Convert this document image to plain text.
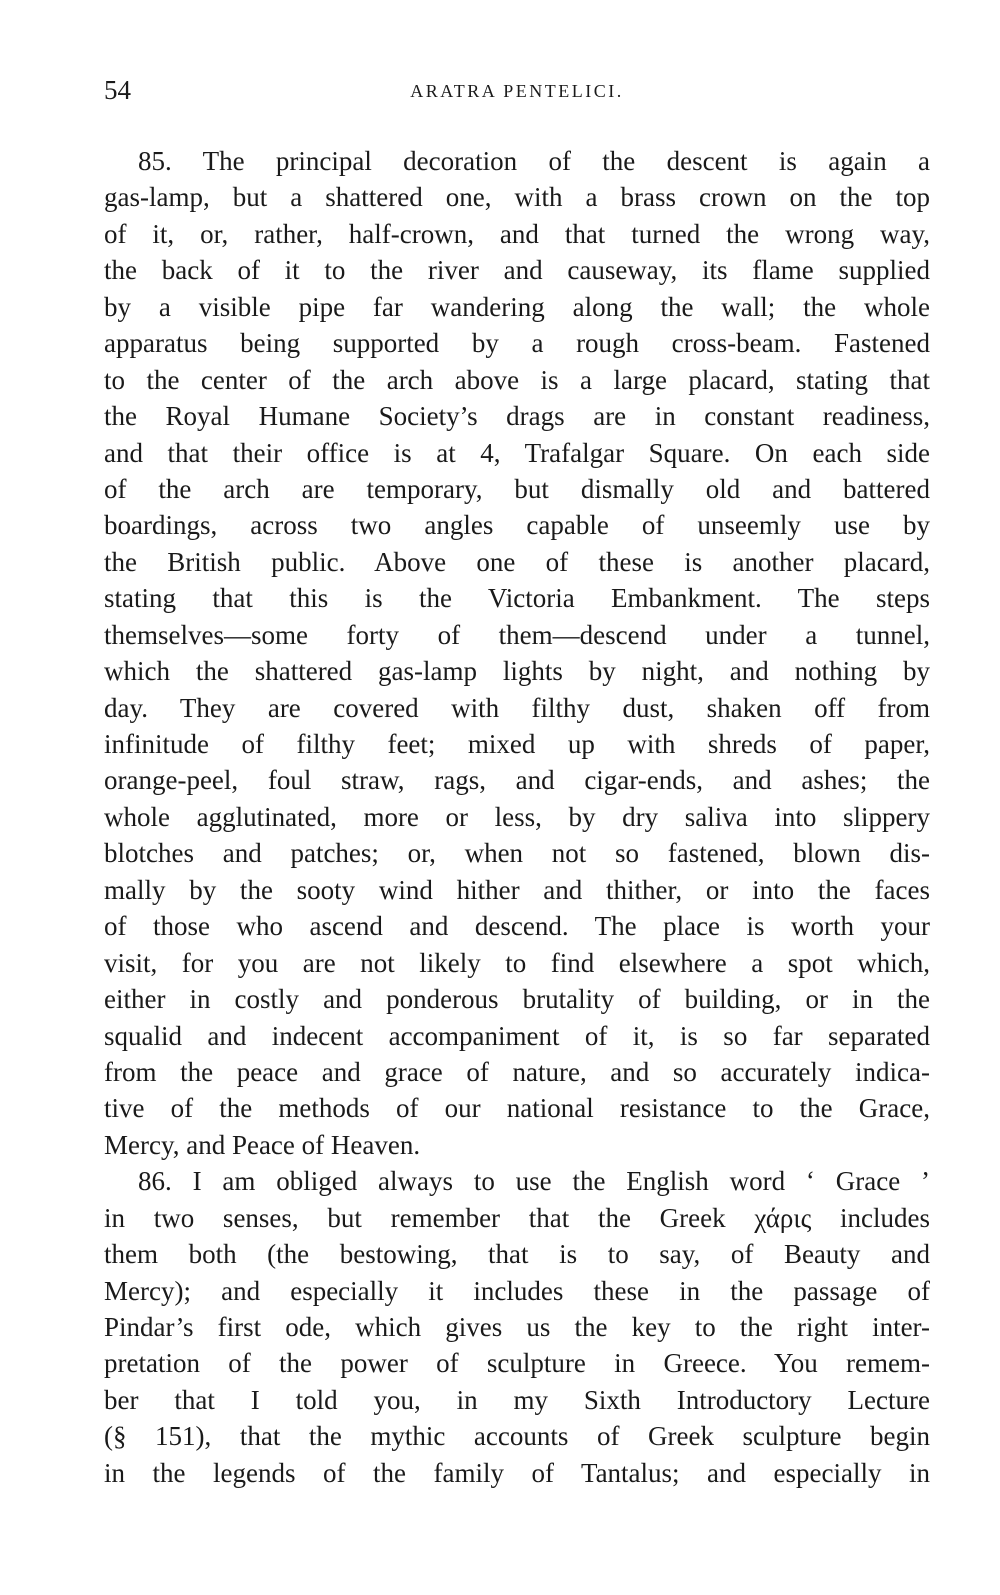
54	ARATRA PENTELICI.
85. The principal decoration of the descent is again a
gas-lamp, but a shattered one, with a brass crown on the top
of it, or, rather, half-crown, and that turned the wrong way,
the back of it to the river and causeway, its flame supplied
by a visible pipe far wandering along the wall; the whole
apparatus being supported by a rough cross-beam. Fastened
to the center of the arch above is a large placard, stating that
the Royal Humane Society’s drags are in constant readiness,
and that their office is at 4, Trafalgar Square. On each side
of the arch are temporary, but dismally old and battered
boardings, across two angles capable of unseemly use by
the British public. Above one of these is another placard,
stating that this is the Victoria Embankment. The steps
themselves—some forty of them—descend under a tunnel,
which the shattered gas-lamp lights by night, and nothing by
day. They are covered with filthy dust, shaken off from
infinitude of filthy feet; mixed up with shreds of paper,
orange-peel, foul straw, rags, and cigar-ends, and ashes; the
whole agglutinated, more or less, by dry saliva into slippery
blotches and patches; or, when not so fastened, blown dis-
mally by the sooty wind hither and thither, or into the faces
of those who ascend and descend. The place is worth your
visit, for you are not likely to find elsewhere a spot which,
either in costly and ponderous brutality of building, or in the
squalid and indecent accompaniment of it, is so far separated
from the peace and grace of nature, and so accurately indica-
tive of the methods of our national resistance to the Grace,
Mercy, and Peace of Heaven.
86. I am obliged always to use the English word ‘ Grace ’
in two senses, but remember that the Greek χάρις includes
them both (the bestowing, that is to say, of Beauty and
Mercy); and especially it includes these in the passage of
Pindar’s first ode, which gives us the key to the right inter-
pretation of the power of sculpture in Greece. You remem-
ber that I told you, in my Sixth Introductory Lecture
(§ 151), that the mythic accounts of Greek sculpture begin
in the legends of the family of Tantalus; and especially in
